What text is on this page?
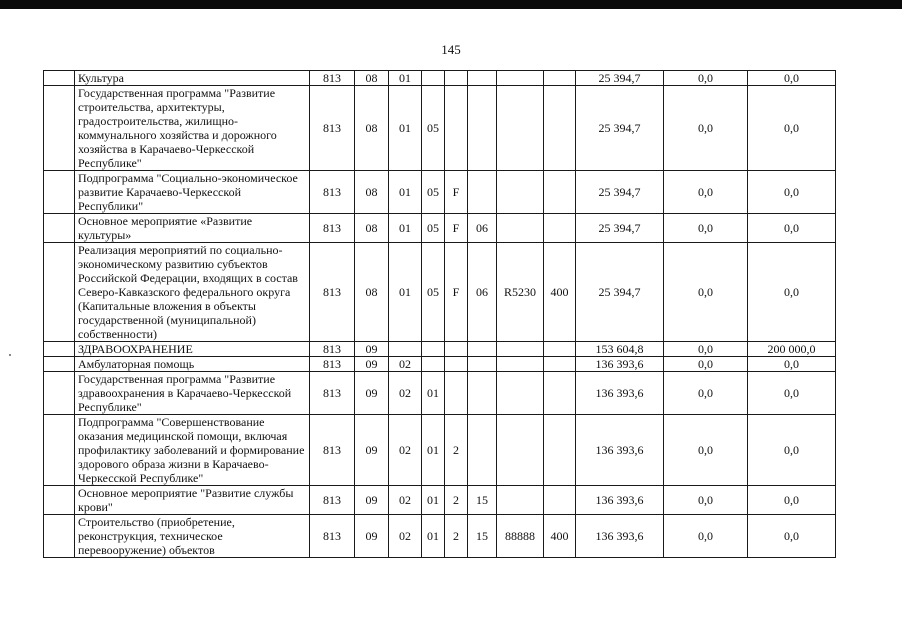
145
	Культура	813	08	01						25 394,7	0,0	0,0
	Государственная программа "Развитие строительства, архитектуры, градостроительства, жилищно-коммунального хозяйства и дорожного хозяйства в Карачаево-Черкесской Республике"	813	08	01	05					25 394,7	0,0	0,0
	Подпрограмма "Социально-экономическое развитие Карачаево-Черкесской Республики"	813	08	01	05	F				25 394,7	0,0	0,0
	Основное мероприятие «Развитие культуры»	813	08	01	05	F	06			25 394,7	0,0	0,0
	Реализация мероприятий по социально-экономическому развитию субъектов Российской Федерации, входящих в состав Северо-Кавказского федерального округа (Капитальные вложения в объекты государственной (муниципальной) собственности)	813	08	01	05	F	06	R5230	400	25 394,7	0,0	0,0
	ЗДРАВООХРАНЕНИЕ	813	09							153 604,8	0,0	200 000,0
	Амбулаторная помощь	813	09	02						136 393,6	0,0	0,0
	Государственная программа "Развитие здравоохранения в Карачаево-Черкесской Республике"	813	09	02	01					136 393,6	0,0	0,0
	Подпрограмма "Совершенствование оказания медицинской помощи, включая профилактику заболеваний и формирование здорового образа жизни в Карачаево-Черкесской Республике"	813	09	02	01	2				136 393,6	0,0	0,0
	Основное мероприятие "Развитие службы крови"	813	09	02	01	2	15			136 393,6	0,0	0,0
	Строительство (приобретение, реконструкция, техническое перевооружение) объектов	813	09	02	01	2	15	88888	400	136 393,6	0,0	0,0
